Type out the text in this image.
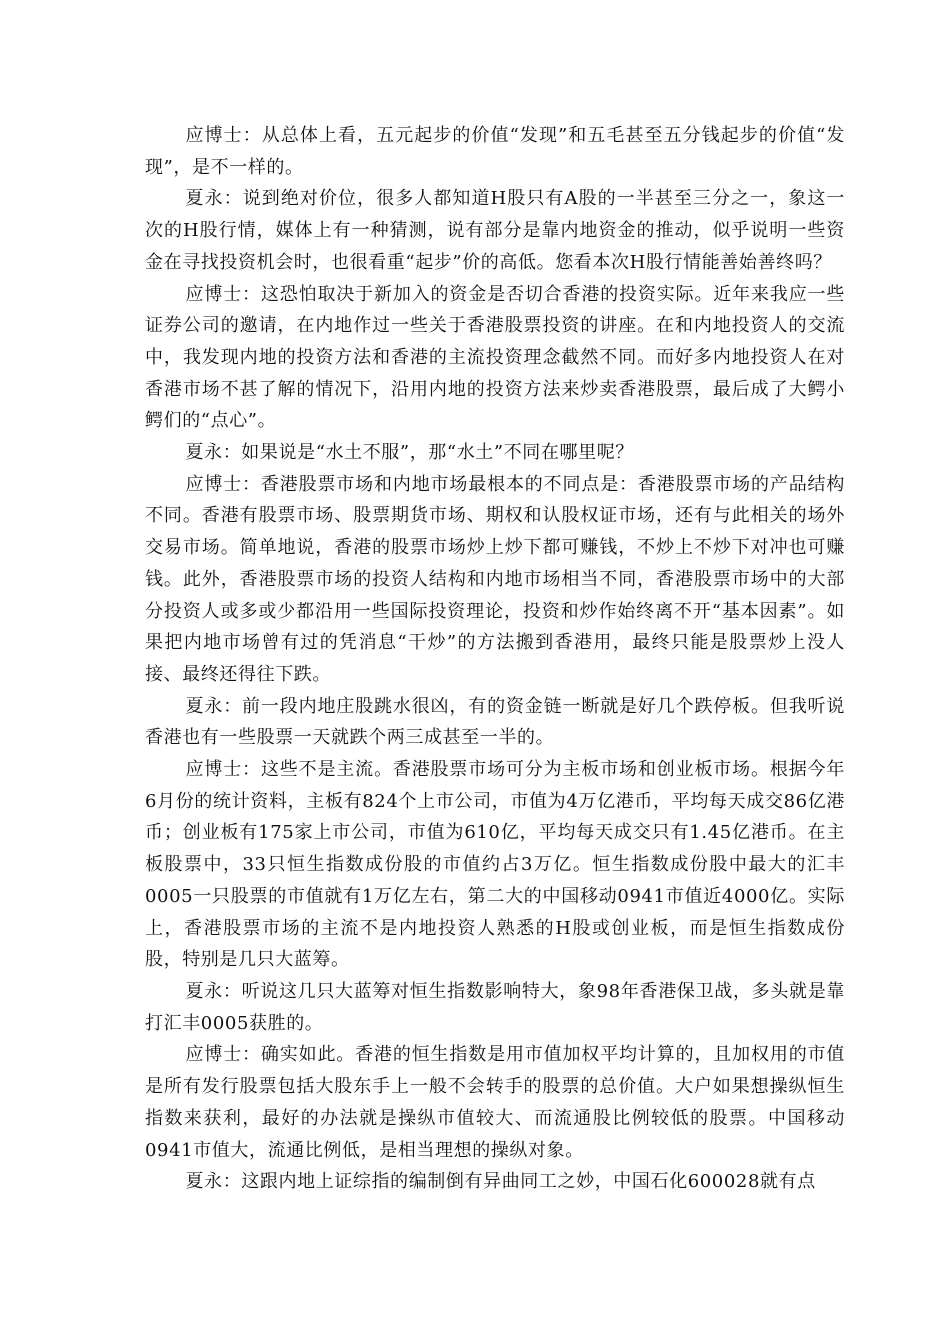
应博士：从总体上看，五元起步的价值“发现”和五毛甚至五分钱起步的价值“发现”，是不一样的。

夏永：说到绝对价位，很多人都知道H股只有A股的一半甚至三分之一，象这一次的H股行情，媒体上有一种猜测，说有部分是靠内地资金的推动，似乎说明一些资金在寻找投资机会时，也很看重“起步”价的高低。您看本次H股行情能善始善终吗？

应博士：这恐怕取决于新加入的资金是否切合香港的投资实际。近年来我应一些证券公司的邀请，在内地作过一些关于香港股票投资的讲座。在和内地投资人的交流中，我发现内地的投资方法和香港的主流投资理念截然不同。而好多内地投资人在对香港市场不甚了解的情况下，沿用内地的投资方法来炒卖香港股票，最后成了大鳄小鳄们的“点心”。

夏永：如果说是“水土不服”，那“水土”不同在哪里呢？

应博士：香港股票市场和内地市场最根本的不同点是：香港股票市场的产品结构不同。香港有股票市场、股票期货市场、期权和认股权证市场，还有与此相关的场外交易市场。简单地说，香港的股票市场炒上炒下都可赚钱，不炒上不炒下对冲也可赚钱。此外，香港股票市场的投资人结构和内地市场相当不同，香港股票市场中的大部分投资人或多或少都沿用一些国际投资理论，投资和炒作始终离不开“基本因素”。如果把内地市场曾有过的凭消息“干炒”的方法搬到香港用，最终只能是股票炒上没人接、最终还得往下跌。

夏永：前一段内地庄股跳水很凶，有的资金链一断就是好几个跌停板。但我听说香港也有一些股票一天就跌个两三成甚至一半的。

应博士：这些不是主流。香港股票市场可分为主板市场和创业板市场。根据今年6月份的统计资料，主板有824个上市公司，市值为4万亿港币，平均每天成交86亿港币；创业板有175家上市公司，市值为610亿，平均每天成交只有1.45亿港币。在主板股票中，33只恒生指数成份股的市值约占3万亿。恒生指数成份股中最大的汇丰0005一只股票的市值就有1万亿左右，第二大的中国移动0941市值近4000亿。实际上，香港股票市场的主流不是内地投资人熟悉的H股或创业板，而是恒生指数成份股，特别是几只大蓝筹。

夏永：听说这几只大蓝筹对恒生指数影响特大，象98年香港保卫战，多头就是靠打汇丰0005获胜的。

应博士：确实如此。香港的恒生指数是用市值加权平均计算的，且加权用的市值是所有发行股票包括大股东手上一般不会转手的股票的总价值。大户如果想操纵恒生指数来获利，最好的办法就是操纵市值较大、而流通股比例较低的股票。中国移动0941市值大，流通比例低，是相当理想的操纵对象。

夏永：这跟内地上证综指的编制倒有异曲同工之妙，中国石化600028就有点
